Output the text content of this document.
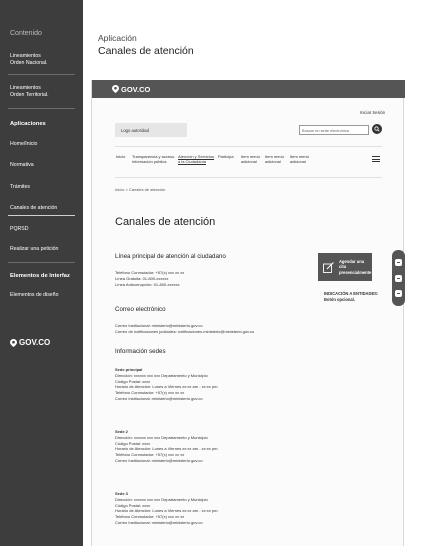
Contenido
Lineamientos
Orden Nacional.
Lineamientos
Orden Territorial.
Aplicaciones
Home/Inicio
Normativa
Trámites
Canales de atención
PQRSD
Realizar una petición
Elementos de Interfaz
Elementos de diseño
GOV.CO
Aplicación
Canales de atención
GOV.CO
Iniciar Sesión
Logo autoridad	Buscar en sede electrónica
Inicio Transparencia y acceso
información pública
Atención y Servicios
a la Ciudadanía
Participa Item menú
adicional
Item menú
adicional
Item menú
adicional
Inicio > Canales de atención
Canales de atención
Línea principal de atención al ciudadano
Teléfono Conmutador: +57(x) xxx xx xx
Línea Gratuita: 01-800-xxxxxx
Línea Anticorrupción: 01-800-xxxxxx
Correo electrónico
Correo Institucional: ministerio@ministerio.gov.co
Correo de notificaciones judiciales: notificaciones.ministerio@ministerio.gov.co
Información sedes
Sede principal
Dirección: xxxxxx xxx xxx Departamento y Municipio
Código Postal: xxxx
Horario de Atención: Lunes a Viernes xx:xx am - xx:xx pm.
Teléfono Conmutador: +57(x) xxx xx xx
Correo Institucional: ministerio@ministerio.gov.co
Sede 2
Dirección: xxxxxx xxx xxx Departamento y Municipio
Código Postal: xxxx
Horario de Atención: Lunes a Viernes xx:xx am - xx:xx pm.
Teléfono Conmutador: +57(x) xxx xx xx
Correo Institucional: ministerio@ministerio.gov.co
Sede 3
Dirección: xxxxxx xxx xxx Departamento y Municipio
Código Postal: xxxx
Horario de Atención: Lunes a Viernes xx:xx am - xx:xx pm.
Teléfono Conmutador: +57(x) xxx xx xx
Correo Institucional: ministerio@ministerio.gov.co
Agendar una cita
presencialmente
INDICACIÓN A ENTIDADES:
Botón opcional.
